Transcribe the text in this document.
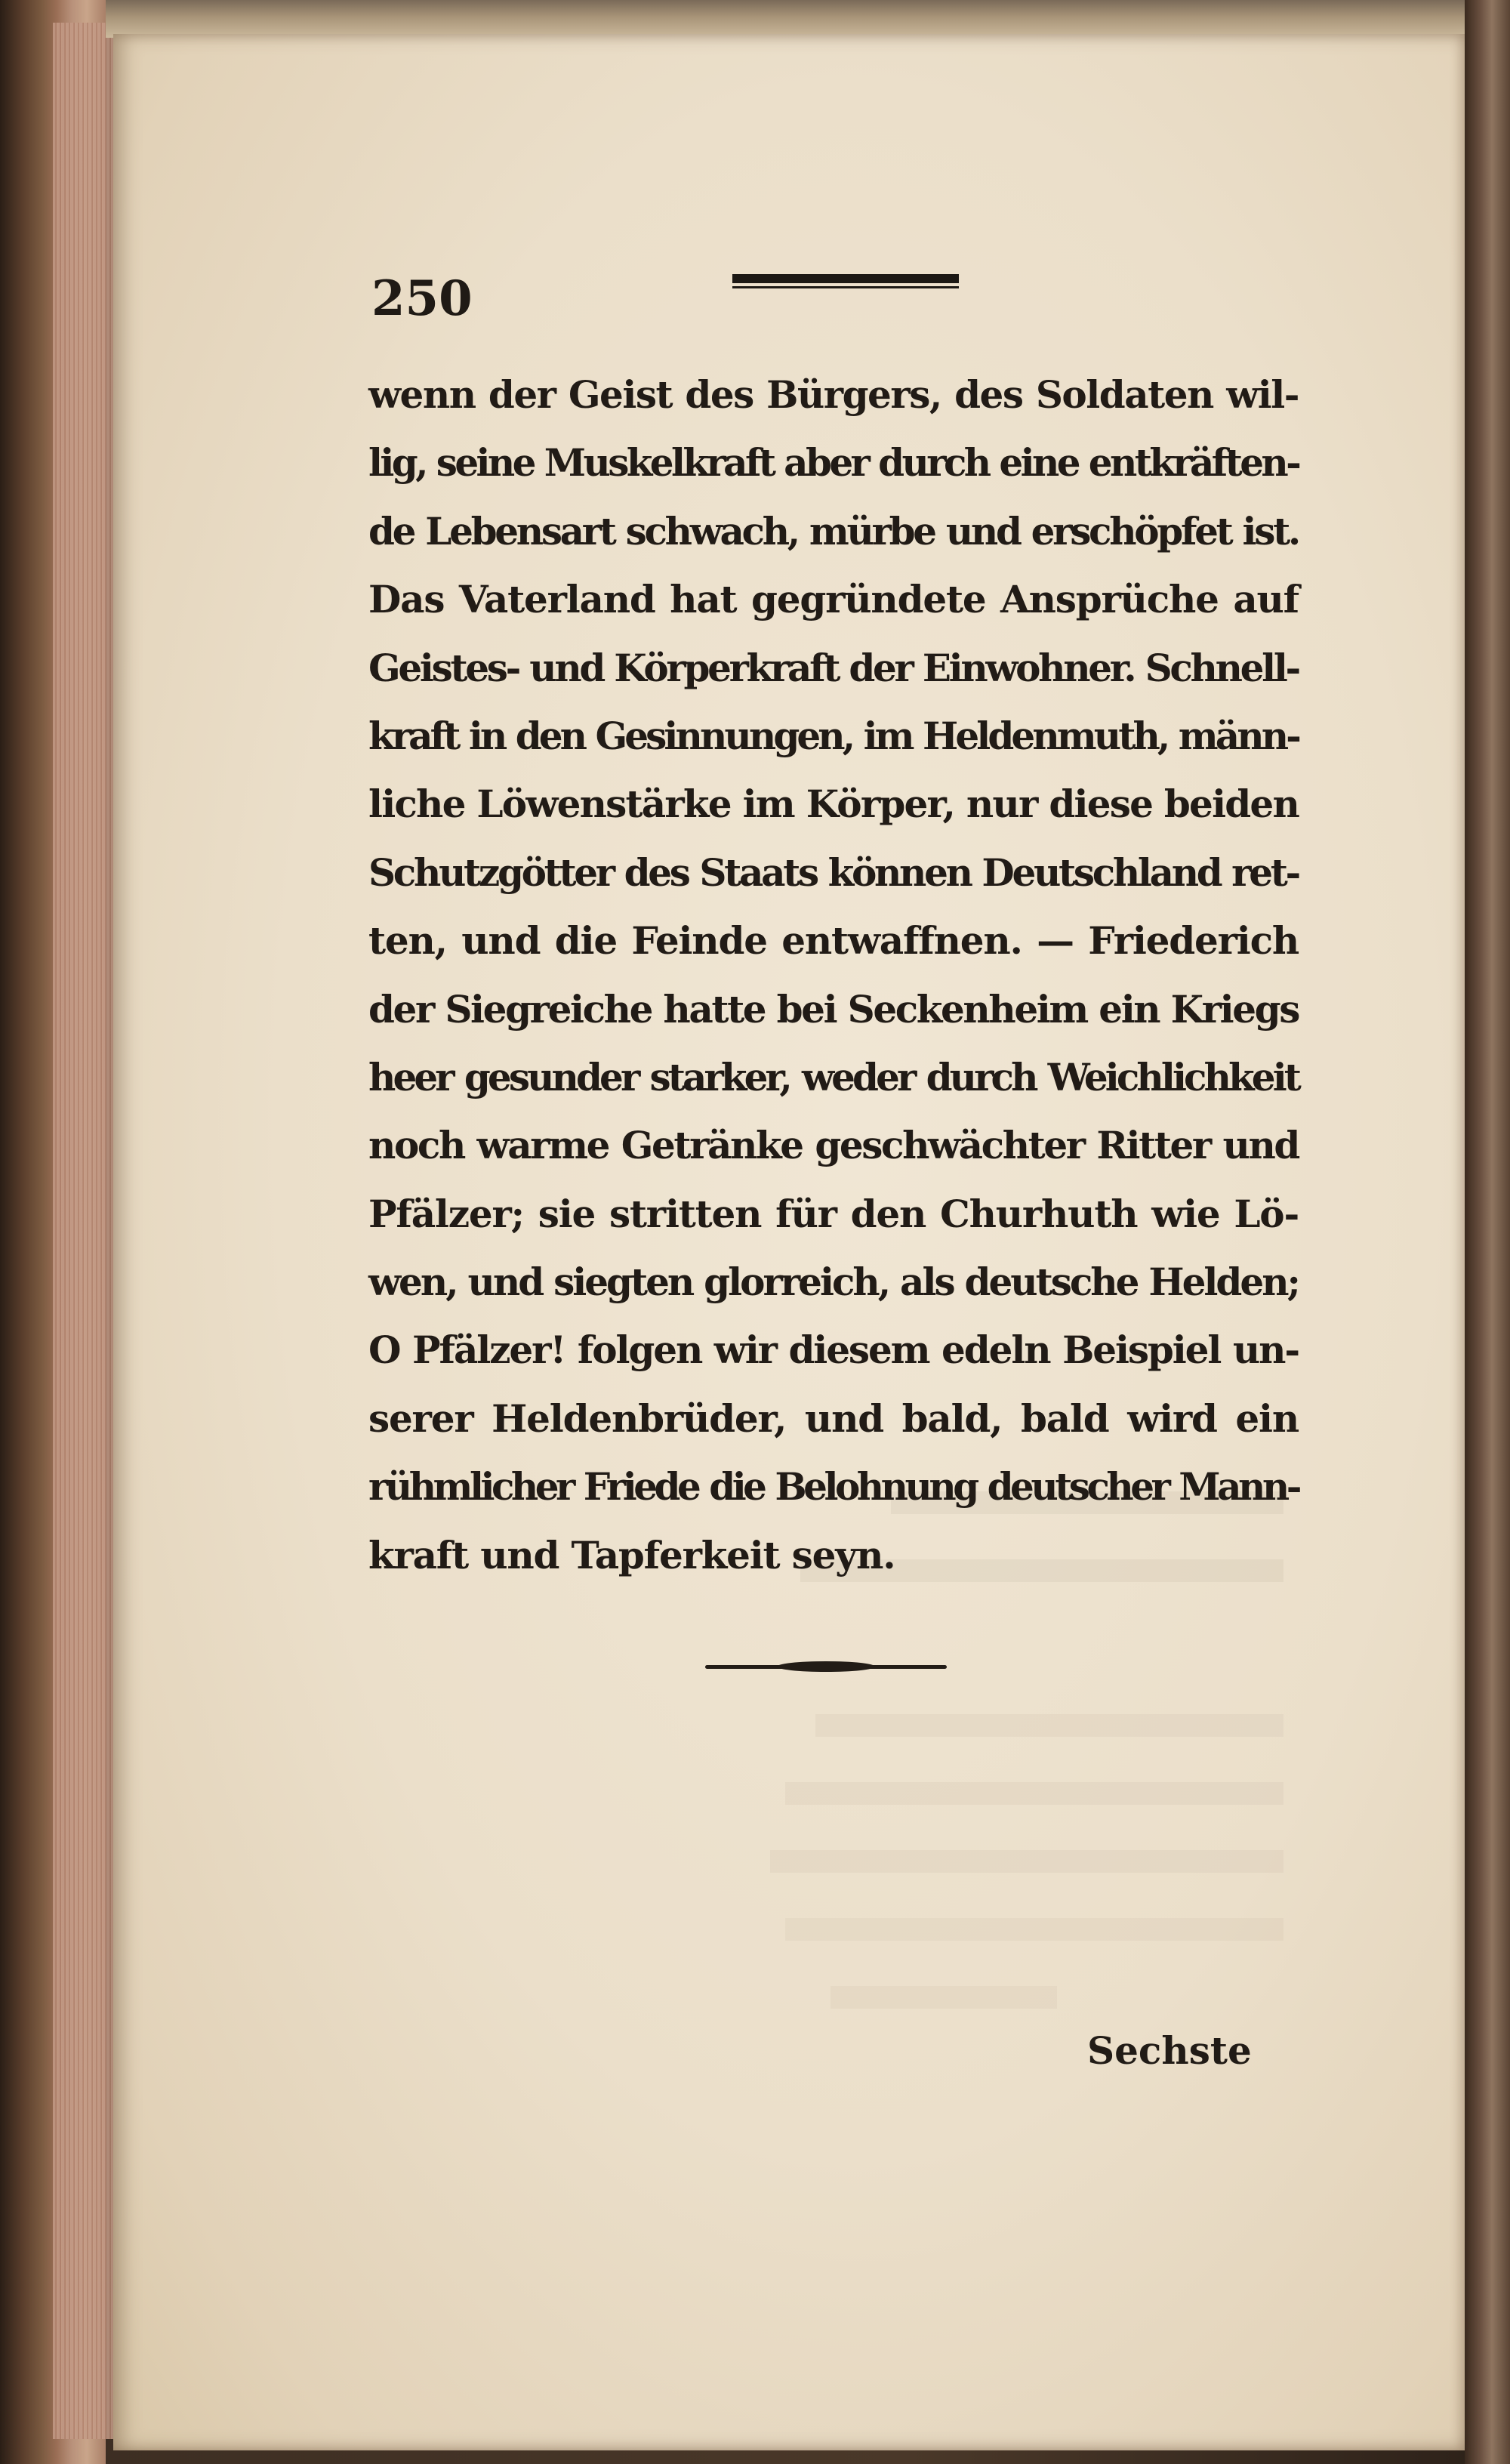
250
wenn der Geist des Bürgers, des Soldaten wil-
lig, seine Muskelkraft aber durch eine entkräften-
de Lebensart schwach, mürbe und erschöpfet ist.
Das Vaterland hat gegründete Ansprüche auf
Geistes- und Körperkraft der Einwohner. Schnell-
kraft in den Gesinnungen, im Heldenmuth, männ-
liche Löwenstärke im Körper, nur diese beiden
Schutzgötter des Staats können Deutschland ret-
ten, und die Feinde entwaffnen. — Friederich
der Siegreiche hatte bei Seckenheim ein Kriegs
heer gesunder starker, weder durch Weichlichkeit
noch warme Getränke geschwächter Ritter und
Pfälzer; sie stritten für den Churhuth wie Lö-
wen, und siegten glorreich, als deutsche Helden;
O Pfälzer! folgen wir diesem edeln Beispiel un-
serer Heldenbrüder, und bald, bald wird ein
rühmlicher Friede die Belohnung deutscher Mann-
kraft und Tapferkeit seyn.
Sechste
